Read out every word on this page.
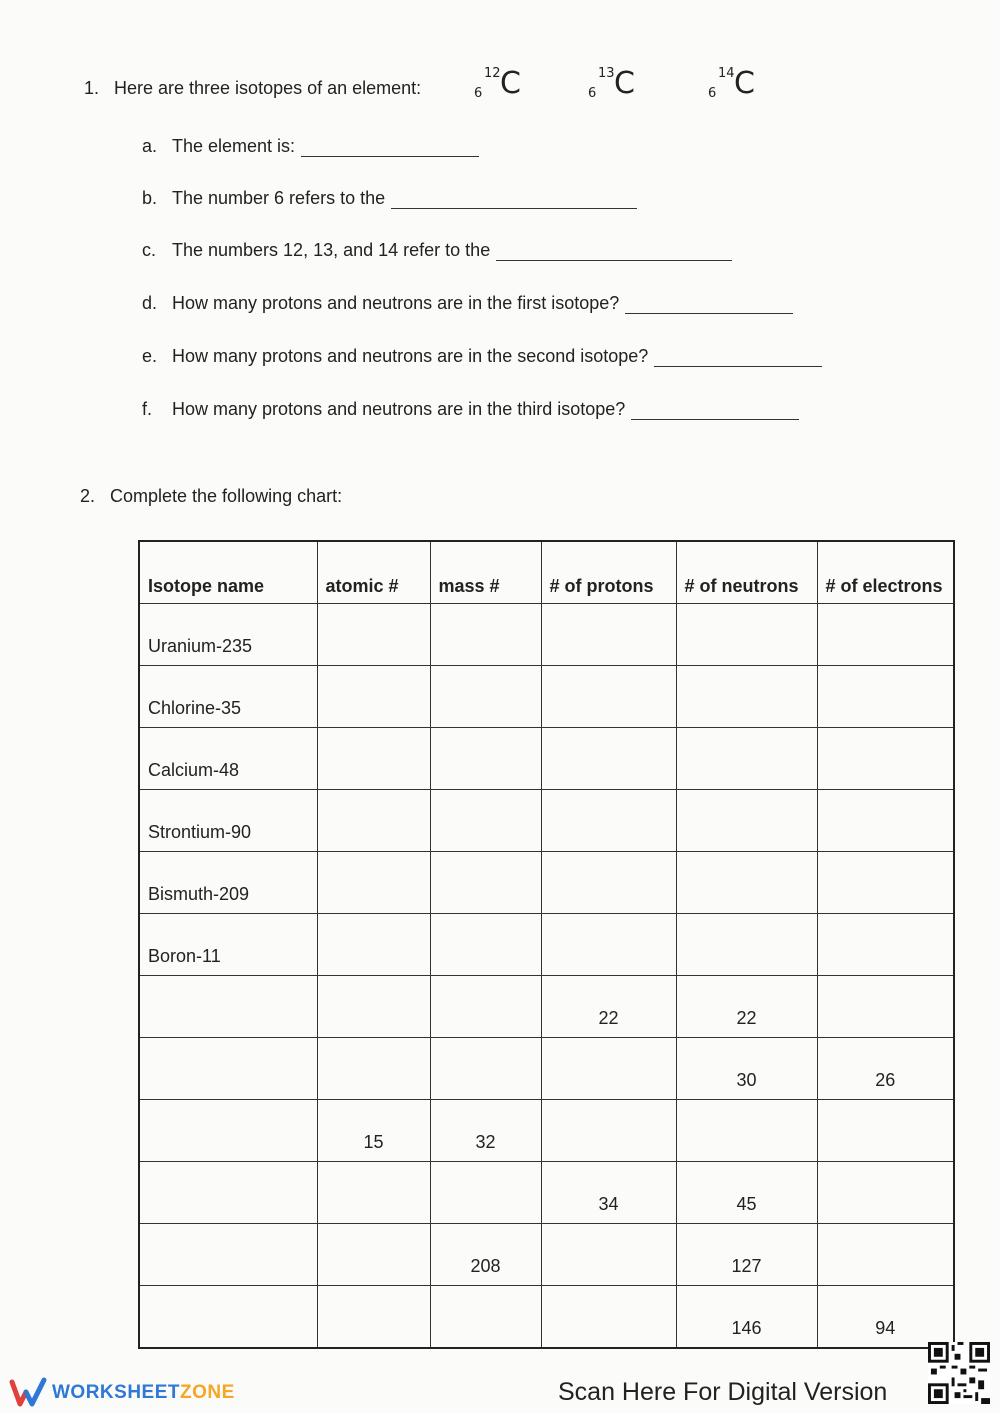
1. Here are three isotopes of an element:
12
6 C	13
6 C	14
6 C
a. The element is:
b. The number 6 refers to the
c. The numbers 12, 13, and 14 refer to the
d. How many protons and neutrons are in the first isotope?
e. How many protons and neutrons are in the second isotope?
f. How many protons and neutrons are in the third isotope?
2. Complete the following chart:
Isotope name	atomic #	mass #	# of protons	# of neutrons	# of electrons
Uranium-235					
Chlorine-35					
Calcium-48					
Strontium-90					
Bismuth-209					
Boron-11					
			22	22	
				30	26
	15	32			
			34	45	
		208		127	
				146	94
WORKSHEETZONE	Scan Here For Digital Version
